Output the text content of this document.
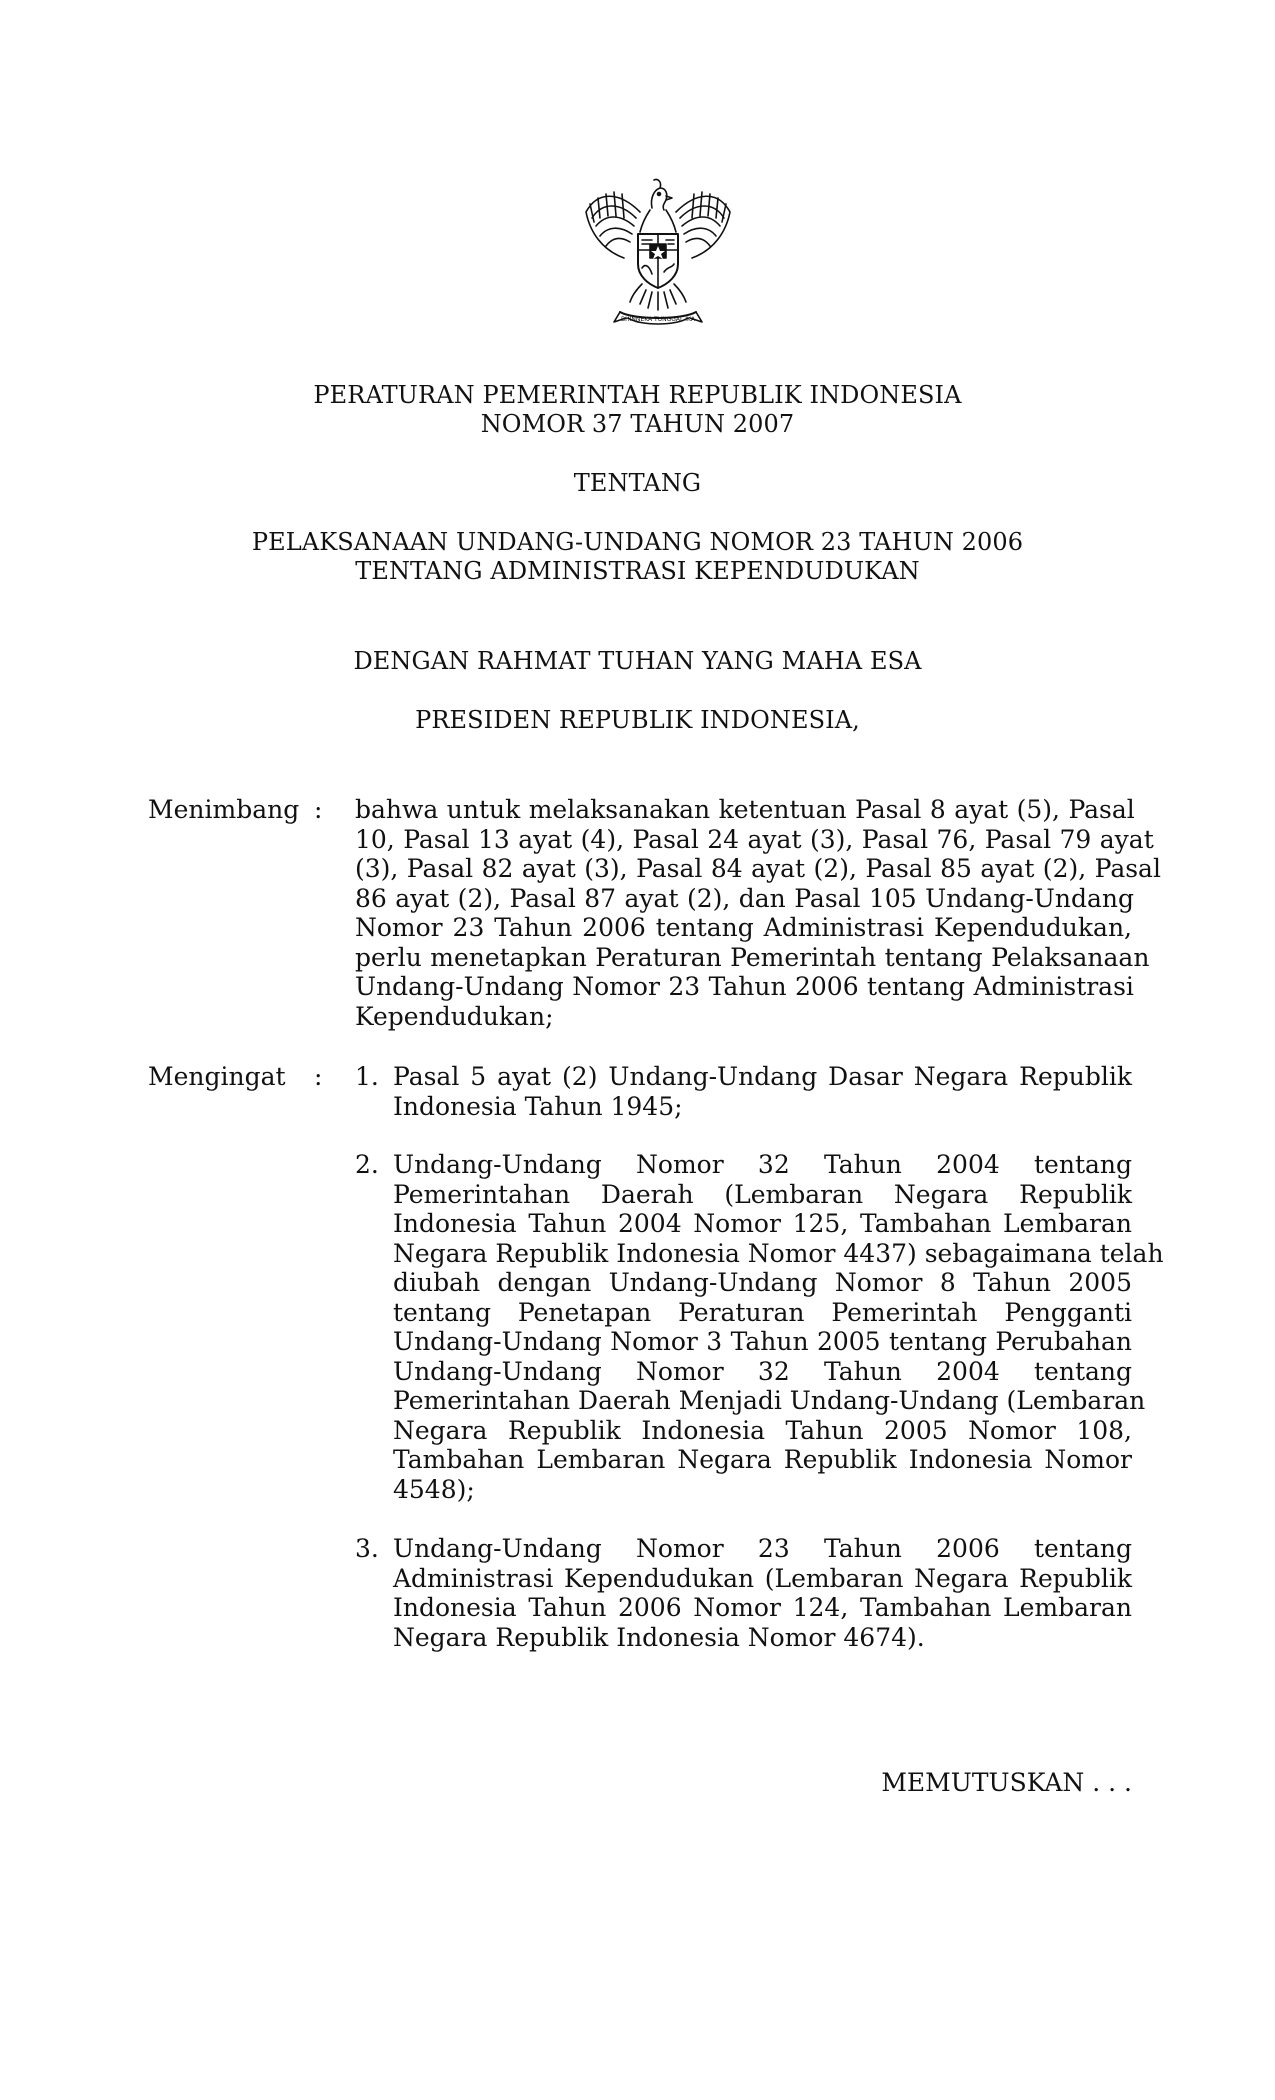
BHINNEKA TUNGGAL IKA
PERATURAN PEMERINTAH REPUBLIK INDONESIA
NOMOR 37 TAHUN 2007
TENTANG
PELAKSANAAN UNDANG-UNDANG NOMOR 23 TAHUN 2006
TENTANG ADMINISTRASI KEPENDUDUKAN
DENGAN RAHMAT TUHAN YANG MAHA ESA
PRESIDEN REPUBLIK INDONESIA,
Menimbang : bahwa untuk melaksanakan ketentuan Pasal 8 ayat (5), Pasal
10, Pasal 13 ayat (4), Pasal 24 ayat (3), Pasal 76, Pasal 79 ayat
(3), Pasal 82 ayat (3), Pasal 84 ayat (2), Pasal 85 ayat (2), Pasal
86 ayat (2), Pasal 87 ayat (2), dan Pasal 105 Undang-Undang
Nomor 23 Tahun 2006 tentang Administrasi Kependudukan,
perlu menetapkan Peraturan Pemerintah tentang Pelaksanaan
Undang-Undang Nomor 23 Tahun 2006 tentang Administrasi
Kependudukan;
Mengingat : 1. Pasal 5 ayat (2) Undang-Undang Dasar Negara Republik
Indonesia Tahun 1945;
2. Undang-Undang Nomor 32 Tahun 2004 tentang
Pemerintahan Daerah (Lembaran Negara Republik
Indonesia Tahun 2004 Nomor 125, Tambahan Lembaran
Negara Republik Indonesia Nomor 4437) sebagaimana telah
diubah dengan Undang-Undang Nomor 8 Tahun 2005
tentang Penetapan Peraturan Pemerintah Pengganti
Undang-Undang Nomor 3 Tahun 2005 tentang Perubahan
Undang-Undang Nomor 32 Tahun 2004 tentang
Pemerintahan Daerah Menjadi Undang-Undang (Lembaran
Negara Republik Indonesia Tahun 2005 Nomor 108,
Tambahan Lembaran Negara Republik Indonesia Nomor
4548);
3. Undang-Undang Nomor 23 Tahun 2006 tentang
Administrasi Kependudukan (Lembaran Negara Republik
Indonesia Tahun 2006 Nomor 124, Tambahan Lembaran
Negara Republik Indonesia Nomor 4674).
MEMUTUSKAN . . .
